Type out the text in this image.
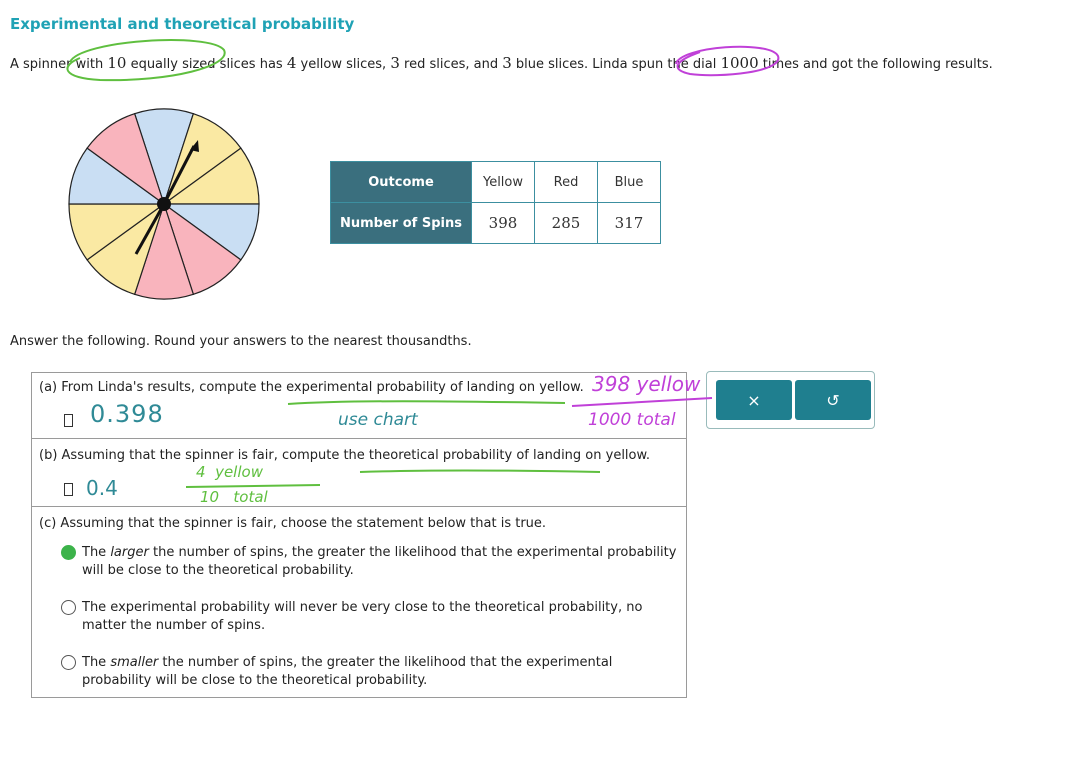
Experimental and theoretical probability
A spinner with 10 equally sized slices has 4 yellow slices, 3 red slices, and 3 blue slices. Linda spun the dial 1000 times and got the following results.
Outcome	Yellow	Red	Blue
Number of Spins	398	285	317
Answer the following. Round your answers to the nearest thousandths.
(a) From Linda's results, compute the experimental probability of landing on yellow.
0.398
(b) Assuming that the spinner is fair, compute the theoretical probability of landing on yellow.
0.4
(c) Assuming that the spinner is fair, choose the statement below that is true.
The larger the number of spins, the greater the likelihood that the experimental probability will be close to the theoretical probability.
The experimental probability will never be very close to the theoretical probability, no matter the number of spins.
The smaller the number of spins, the greater the likelihood that the experimental probability will be close to the theoretical probability.
×	↺
use chart
398 yellow
1000 total
4  yellow
10   total
